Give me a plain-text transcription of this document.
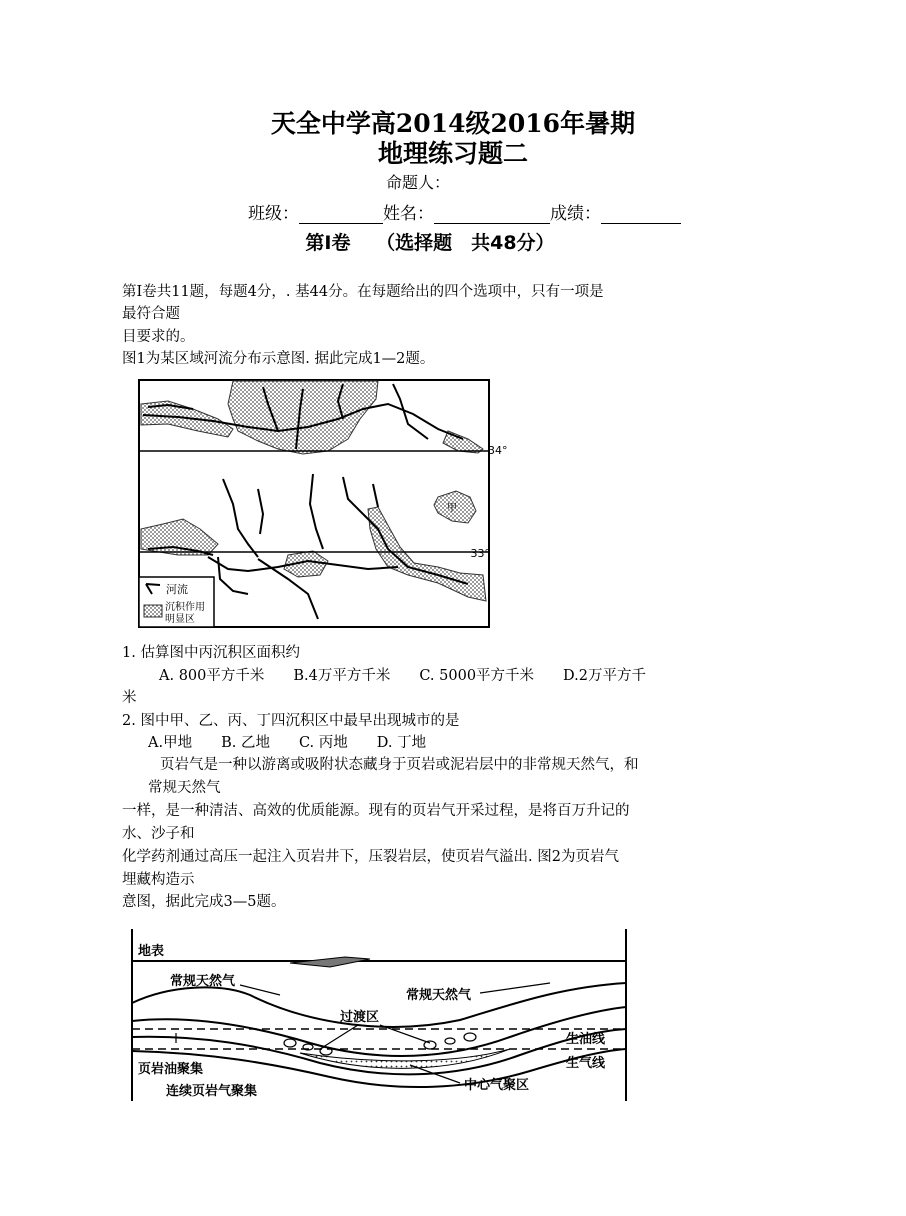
天全中学高2014级2016年暑期
地理练习题二
命题人：
班级：	姓名：	成绩：
第Ⅰ卷　 （选择题　共48分）
第Ⅰ卷共11题，每题4分，. 基44分。在每题给出的四个选项中，只有一项是
最符合题
目要求的。
图1为某区域河流分布示意图. 据此完成1—2题。
34°
33°
甲
河流
沉积作用
明显区
1. 估算图中丙沉积区面积约
A. 800平方千米　　B.4万平方千米　　C. 5000平方千米　　D.2万平方千
米
2. 图中甲、乙、丙、丁四沉积区中最早出现城市的是
A.甲地　　B. 乙地　　C. 丙地　　D. 丁地
页岩气是一种以游离或吸附状态藏身于页岩或泥岩层中的非常规天然气，和
常规天然气
一样，是一种清洁、高效的优质能源。现有的页岩气开采过程，是将百万升记的
水、沙子和
化学药剂通过高压一起注入页岩井下，压裂岩层，使页岩气溢出. 图2为页岩气
埋藏构造示
意图，据此完成3—5题。
地表
常规天然气
常规天然气
过渡区
生油线
生气线
页岩油聚集
连续页岩气聚集	中心气聚区
